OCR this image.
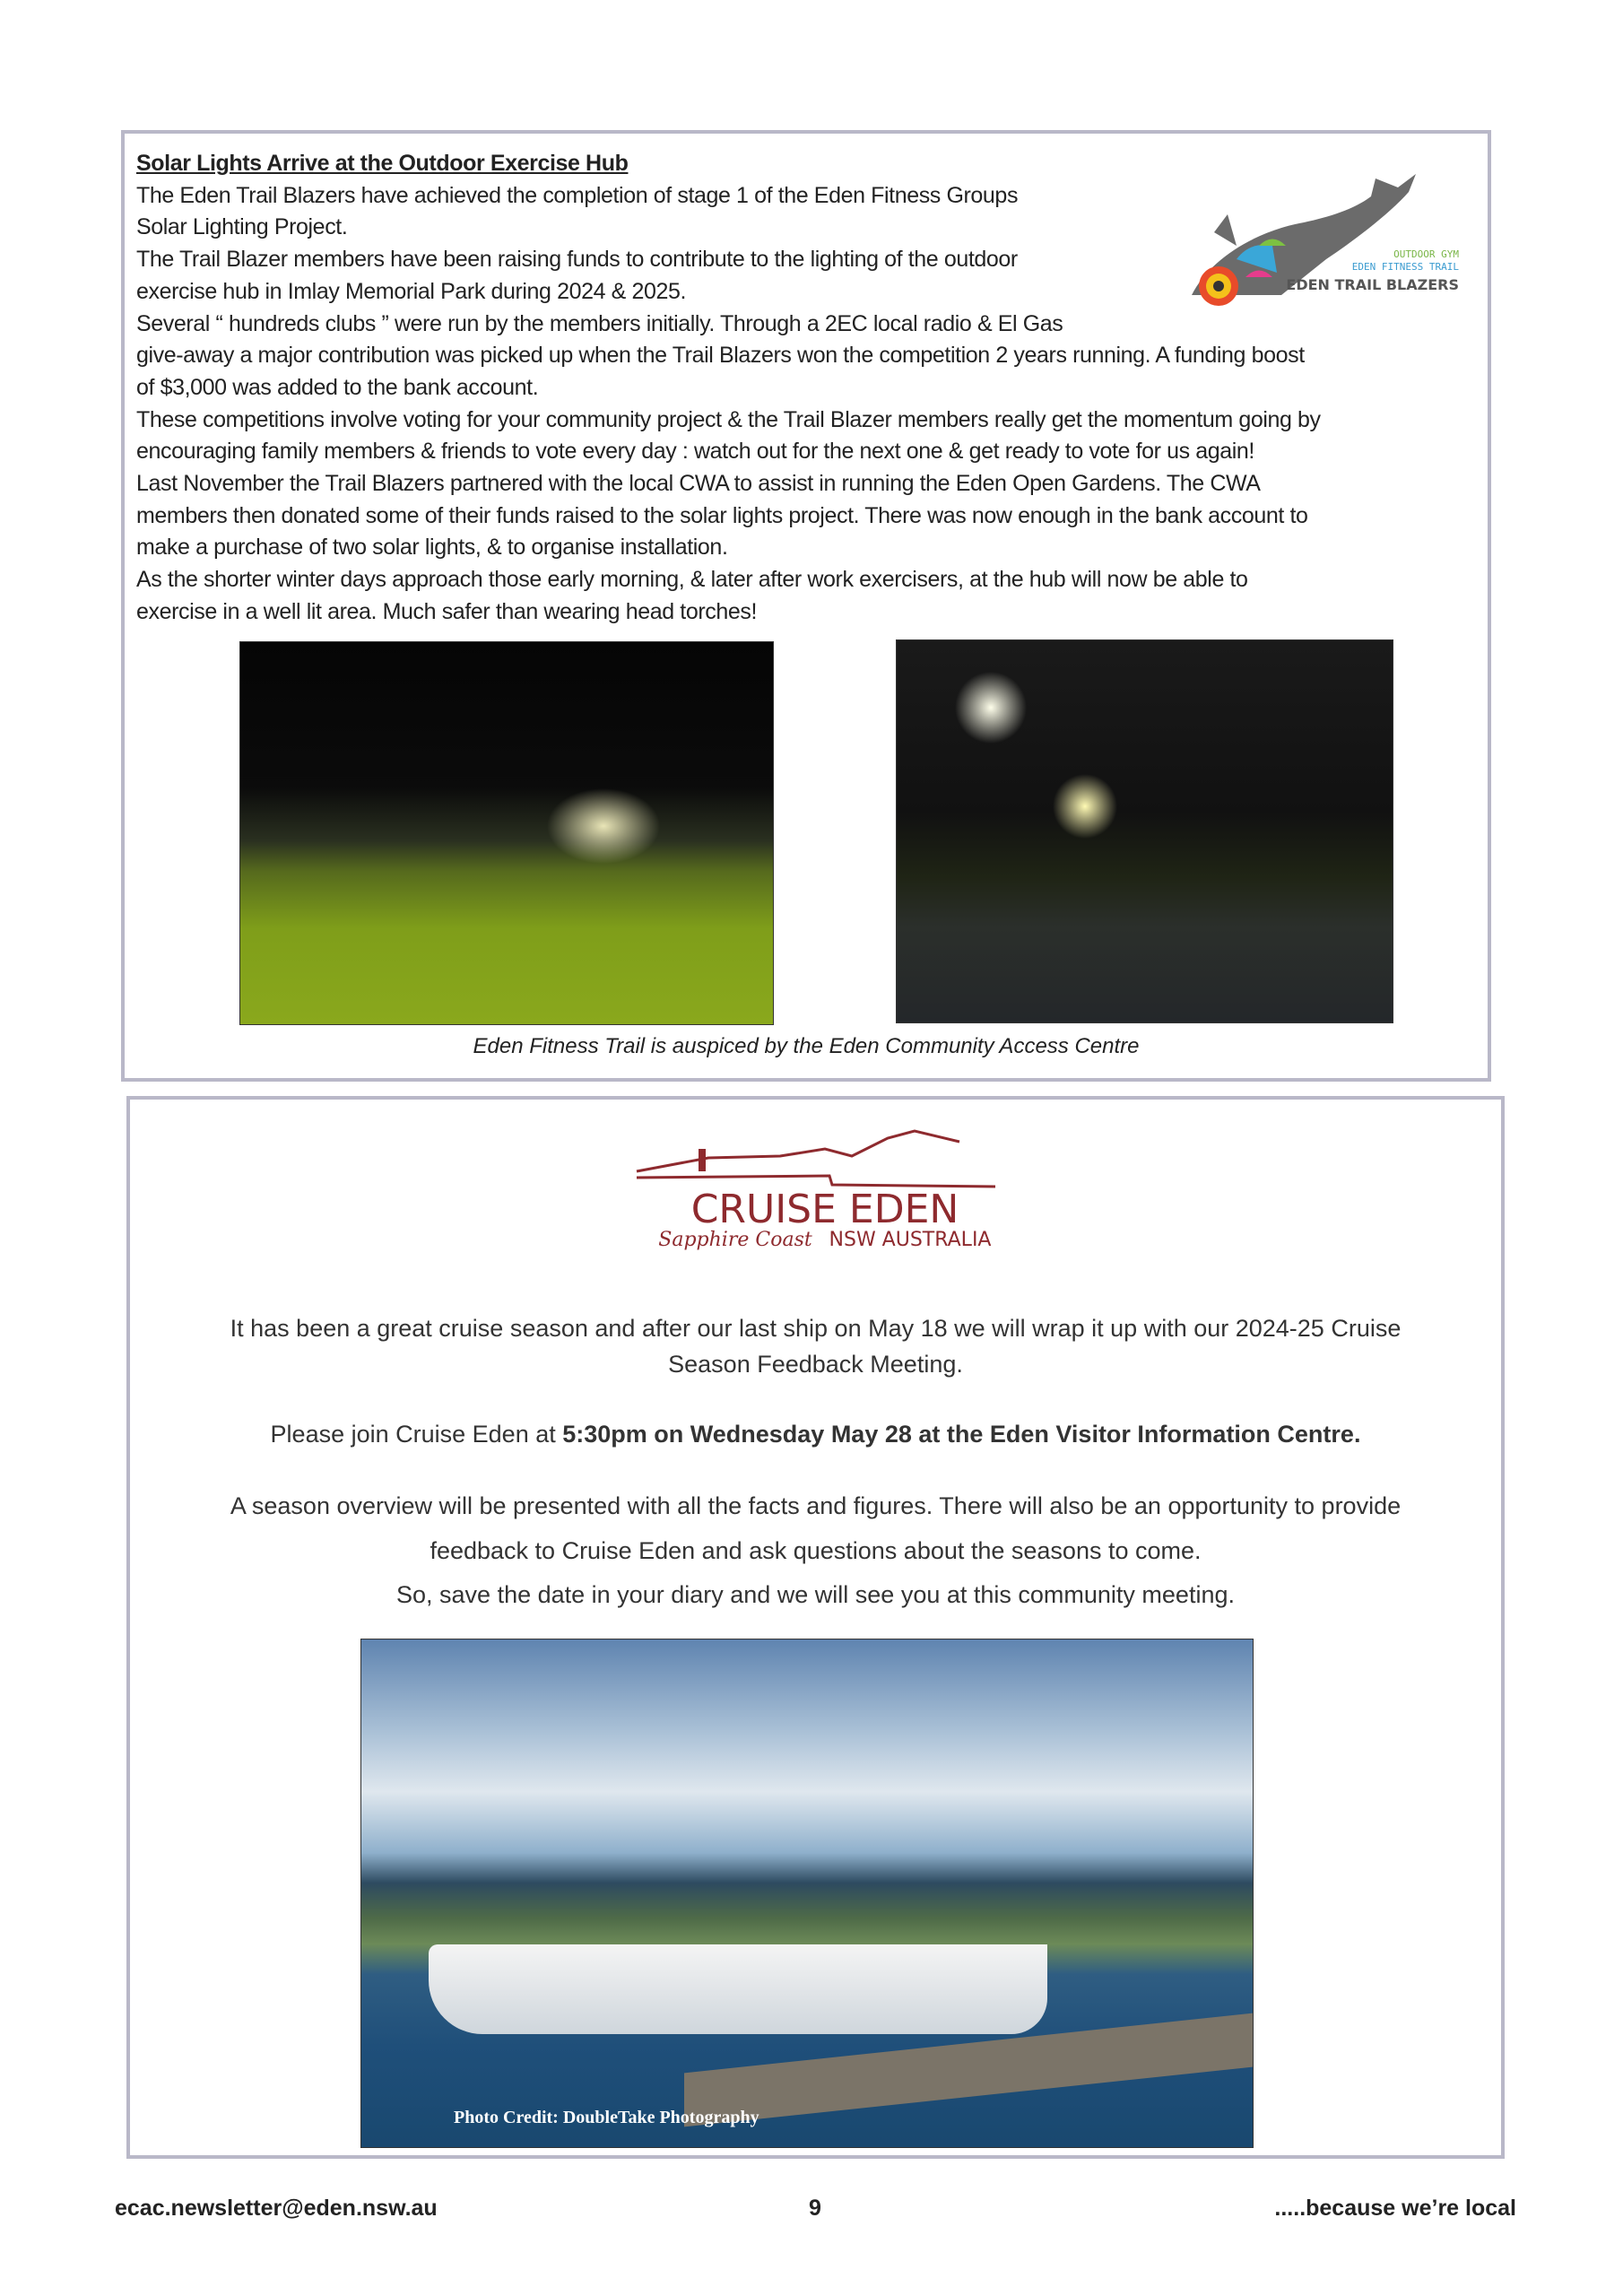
Solar Lights Arrive at the Outdoor Exercise Hub
The Eden Trail Blazers have achieved the completion of stage 1 of the Eden Fitness Groups
Solar Lighting Project.
The Trail Blazer members have been raising funds to contribute to the lighting of the outdoor
exercise hub in Imlay Memorial Park during 2024 & 2025.
Several “ hundreds clubs ” were run by the members initially. Through a 2EC local radio & El Gas
give-away a major contribution was picked up when the Trail Blazers won the competition 2 years running. A funding boost
of $3,000 was added to the bank account.
These competitions involve voting for your community project & the Trail Blazer members really get the momentum going by
encouraging family members & friends to vote every day : watch out for the next one & get ready to vote for us again!
Last November the Trail Blazers partnered with the local CWA to assist in running the Eden Open Gardens. The CWA
members then donated some of their funds raised to the solar lights project. There was now enough in the bank account to
make a purchase of two solar lights, & to organise installation.
As the shorter winter days approach those early morning, & later after work exercisers, at the hub will now be able to
exercise in a well lit area. Much safer than wearing head torches!
OUTDOOR GYM
EDEN FITNESS TRAIL
EDEN TRAIL BLAZERS
Eden Fitness Trail is auspiced by the Eden Community Access Centre
CRUISE EDEN
Sapphire Coast NSW AUSTRALIA
It has been a great cruise season and after our last ship on May 18 we will wrap it up with our 2024-25 Cruise
Season Feedback Meeting.
Please join Cruise Eden at 5:30pm on Wednesday May 28 at the Eden Visitor Information Centre.
A season overview will be presented with all the facts and figures. There will also be an opportunity to provide
feedback to Cruise Eden and ask questions about the seasons to come.
So, save the date in your diary and we will see you at this community meeting.
Photo Credit: DoubleTake Photography
ecac.newsletter@eden.nsw.au	9	.....because we’re local
